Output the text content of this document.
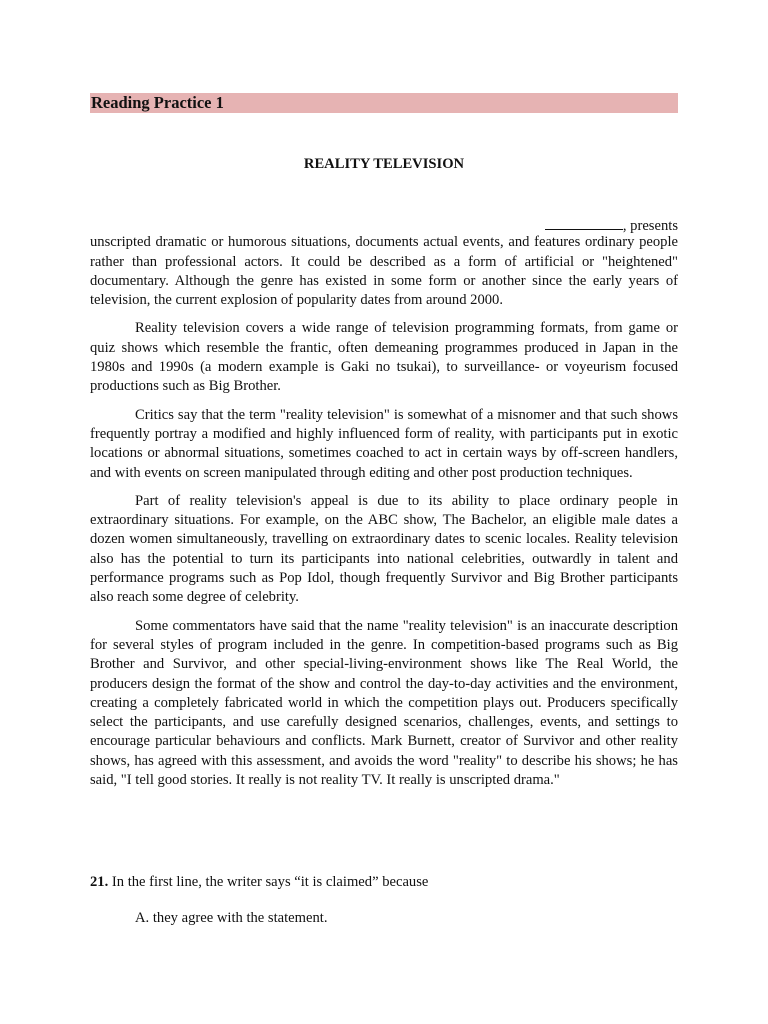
Reading Practice 1
REALITY TELEVISION
, presents

unscripted dramatic or humorous situations, documents actual events, and features ordinary people rather than professional actors. It could be described as a form of artificial or "heightened" documentary. Although the genre has existed in some form or another since the early years of television, the current explosion of popularity dates from around 2000.

Reality television covers a wide range of television programming formats, from game or quiz shows which resemble the frantic, often demeaning programmes produced in Japan in the 1980s and 1990s (a modern example is Gaki no tsukai), to surveillance- or voyeurism focused productions such as Big Brother.

Critics say that the term "reality television" is somewhat of a misnomer and that such shows frequently portray a modified and highly influenced form of reality, with participants put in exotic locations or abnormal situations, sometimes coached to act in certain ways by off-screen handlers, and with events on screen manipulated through editing and other post production techniques.

Part of reality television's appeal is due to its ability to place ordinary people in extraordinary situations. For example, on the ABC show, The Bachelor, an eligible male dates a dozen women simultaneously, travelling on extraordinary dates to scenic locales. Reality television also has the potential to turn its participants into national celebrities, outwardly in talent and performance programs such as Pop Idol, though frequently Survivor and Big Brother participants also reach some degree of celebrity.

Some commentators have said that the name "reality television" is an inaccurate description for several styles of program included in the genre. In competition-based programs such as Big Brother and Survivor, and other special-living-environment shows like The Real World, the producers design the format of the show and control the day-to-day activities and the environment, creating a completely fabricated world in which the competition plays out. Producers specifically select the participants, and use carefully designed scenarios, challenges, events, and settings to encourage particular behaviours and conflicts. Mark Burnett, creator of Survivor and other reality shows, has agreed with this assessment, and avoids the word "reality" to describe his shows; he has said, "I tell good stories. It really is not reality TV. It really is unscripted drama."

21. In the first line, the writer says “it is claimed” because

A. they agree with the statement.
